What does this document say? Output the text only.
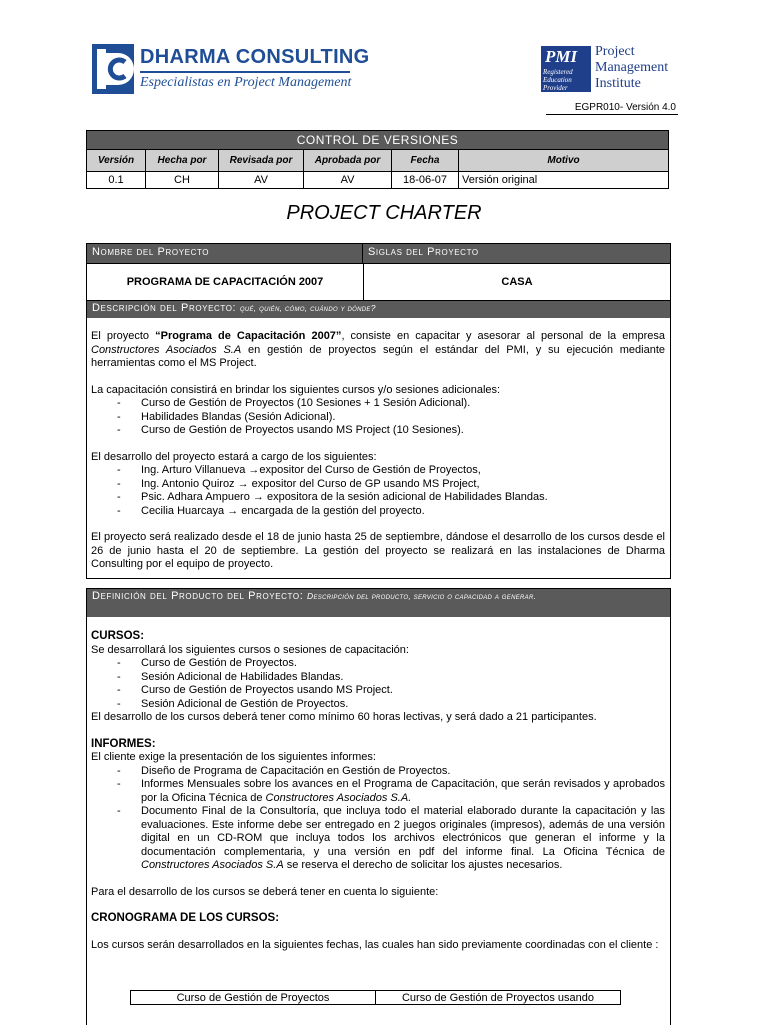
DHARMA CONSULTING
Especialistas en Project Management
PMI
Registered
Education
Provider
Project
Management
Institute
EGPR010- Versión 4.0
CONTROL DE VERSIONES					
Versión	Hecha por	Revisada por	Aprobada por	Fecha	Motivo
0.1	CH	AV	AV	18-06-07	Versión original
PROJECT CHARTER
Nombre del Proyecto	Siglas del Proyecto
PROGRAMA DE CAPACITACIÓN 2007	CASA
Descripción del Proyecto: qué, quién, cómo, cuándo y dónde?

El proyecto “Programa de Capacitación 2007”, consiste en capacitar y asesorar al personal de la empresa Constructores Asociados S.A en gestión de proyectos según el estándar del PMI, y su ejecución mediante herramientas como el MS Project.

La capacitación consistirá en brindar los siguientes cursos y/o sesiones adicionales:

- Curso de Gestión de Proyectos (10 Sesiones + 1 Sesión Adicional).
- Habilidades Blandas (Sesión Adicional).
- Curso de Gestión de Proyectos usando MS Project (10 Sesiones).

El desarrollo del proyecto estará a cargo de los siguientes:

- Ing. Arturo Villanueva →expositor del Curso de Gestión de Proyectos,
- Ing. Antonio Quiroz → expositor del Curso de GP usando MS Project,
- Psic. Adhara Ampuero → expositora de la sesión adicional de Habilidades Blandas.
- Cecilia Huarcaya → encargada de la gestión del proyecto.

El proyecto será realizado desde el 18 de junio hasta 25 de septiembre, dándose el desarrollo de los cursos desde el 26 de junio hasta el 20 de septiembre. La gestión del proyecto se realizará en las instalaciones de Dharma Consulting por el equipo de proyecto.

Definición del Producto del Proyecto: Descripción del producto, servicio o capacidad a generar.

CURSOS:

Se desarrollará los siguientes cursos o sesiones de capacitación:

- Curso de Gestión de Proyectos.
- Sesión Adicional de Habilidades Blandas.
- Curso de Gestión de Proyectos usando MS Project.
- Sesión Adicional de Gestión de Proyectos.

El desarrollo de los cursos deberá tener como mínimo 60 horas lectivas, y será dado a 21 participantes.

INFORMES:

El cliente exige la presentación de los siguientes informes:

- Diseño de Programa de Capacitación en Gestión de Proyectos.
- Informes Mensuales sobre los avances en el Programa de Capacitación, que serán revisados y aprobados por la Oficina Técnica de Constructores Asociados S.A.
- Documento Final de la Consultoría, que incluya todo el material elaborado durante la capacitación y las evaluaciones. Este informe debe ser entregado en 2 juegos originales (impresos), además de una versión digital en un CD-ROM que incluya todos los archivos electrónicos que generan el informe y la documentación complementaria, y una versión en pdf del informe final. La Oficina Técnica de Constructores Asociados S.A se reserva el derecho de solicitar los ajustes necesarios.

Para el desarrollo de los cursos se deberá tener en cuenta lo siguiente:

CRONOGRAMA DE LOS CURSOS:

Los cursos serán desarrollados en la siguientes fechas, las cuales han sido previamente coordinadas con el cliente :

Curso de Gestión de Proyectos	Curso de Gestión de Proyectos usando
